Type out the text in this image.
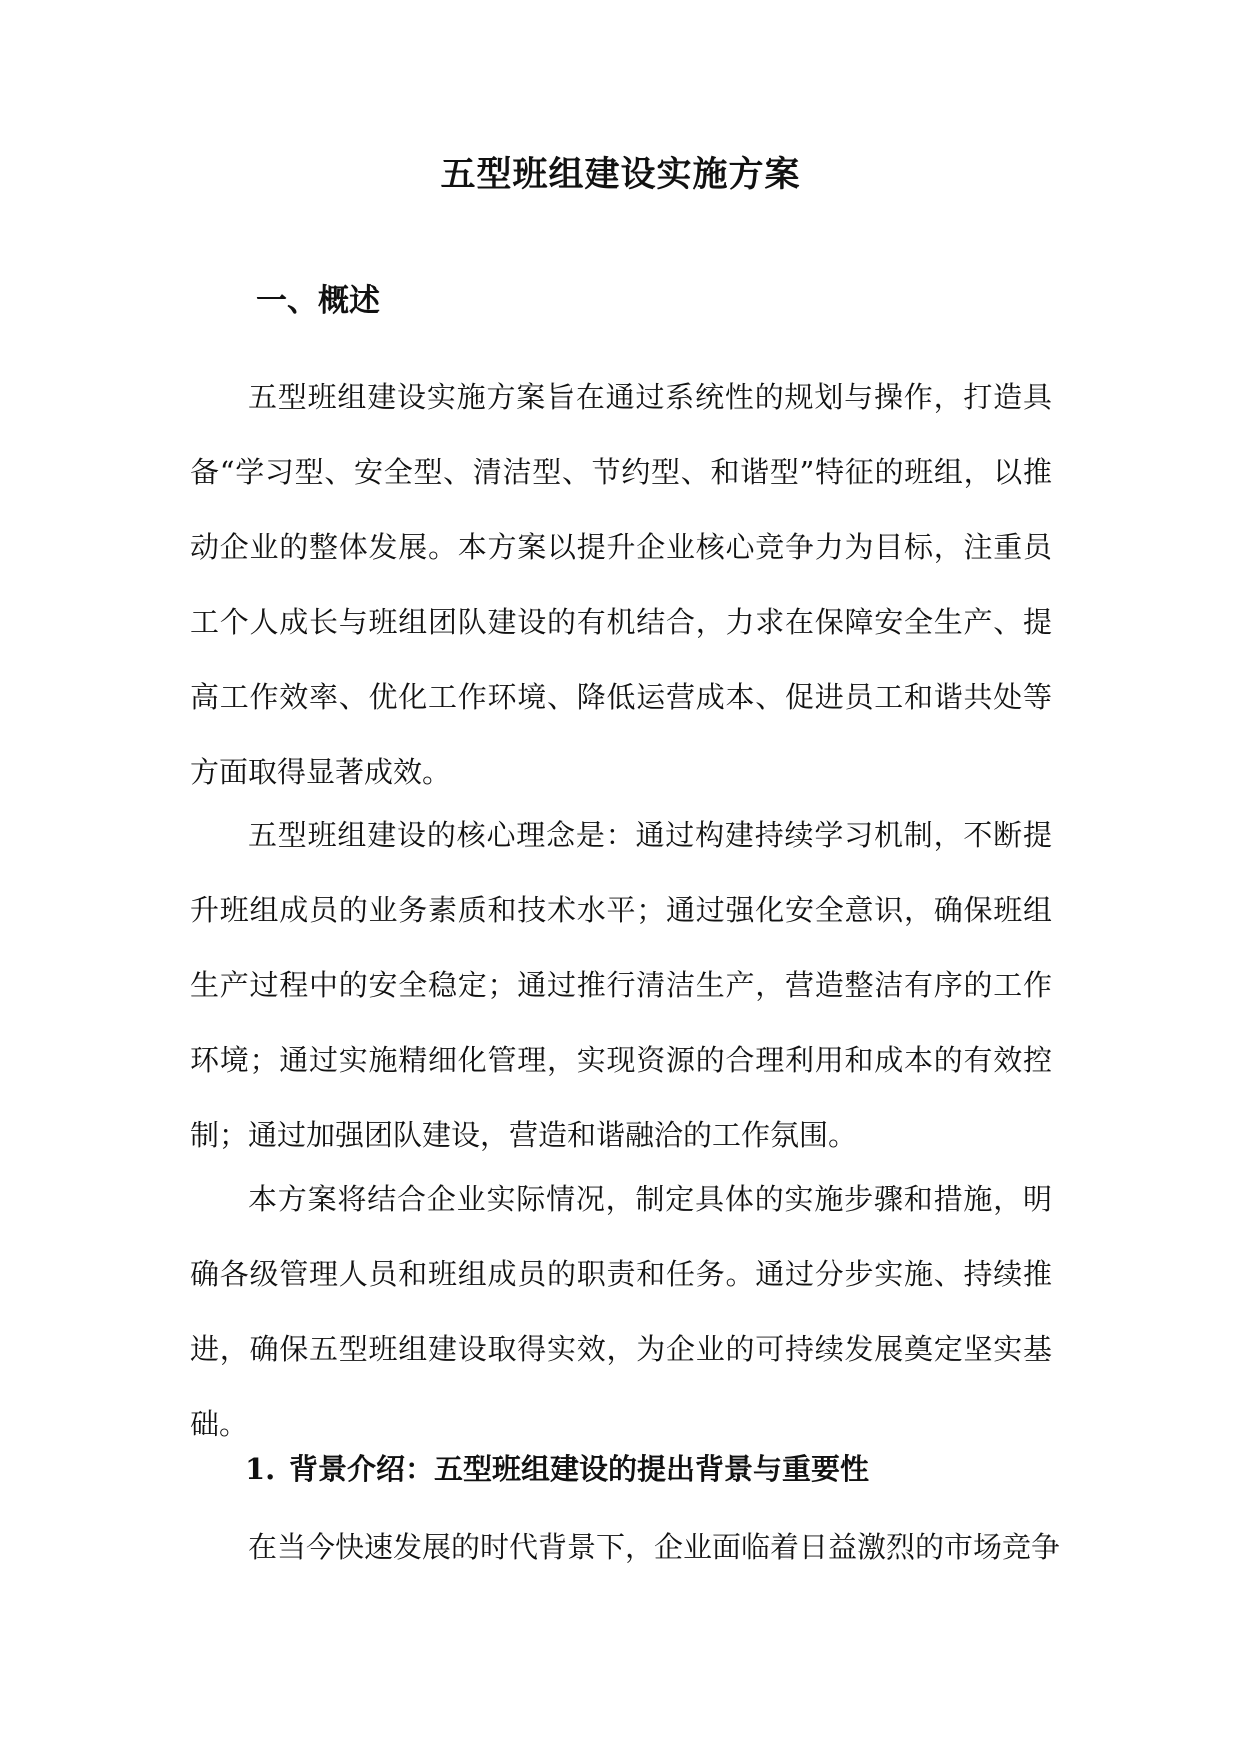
五型班组建设实施方案
一、概述

五型班组建设实施方案旨在通过系统性的规划与操作，打造具备“学习型、安全型、清洁型、节约型、和谐型”特征的班组，以推动企业的整体发展。本方案以提升企业核心竞争力为目标，注重员工个人成长与班组团队建设的有机结合，力求在保障安全生产、提高工作效率、优化工作环境、降低运营成本、促进员工和谐共处等方面取得显著成效。

五型班组建设的核心理念是：通过构建持续学习机制，不断提升班组成员的业务素质和技术水平；通过强化安全意识，确保班组生产过程中的安全稳定；通过推行清洁生产，营造整洁有序的工作环境；通过实施精细化管理，实现资源的合理利用和成本的有效控制；通过加强团队建设，营造和谐融洽的工作氛围。

本方案将结合企业实际情况，制定具体的实施步骤和措施，明确各级管理人员和班组成员的职责和任务。通过分步实施、持续推进，确保五型班组建设取得实效，为企业的可持续发展奠定坚实基础。

1. 背景介绍：五型班组建设的提出背景与重要性

在当今快速发展的时代背景下，企业面临着日益激烈的市场竞争
